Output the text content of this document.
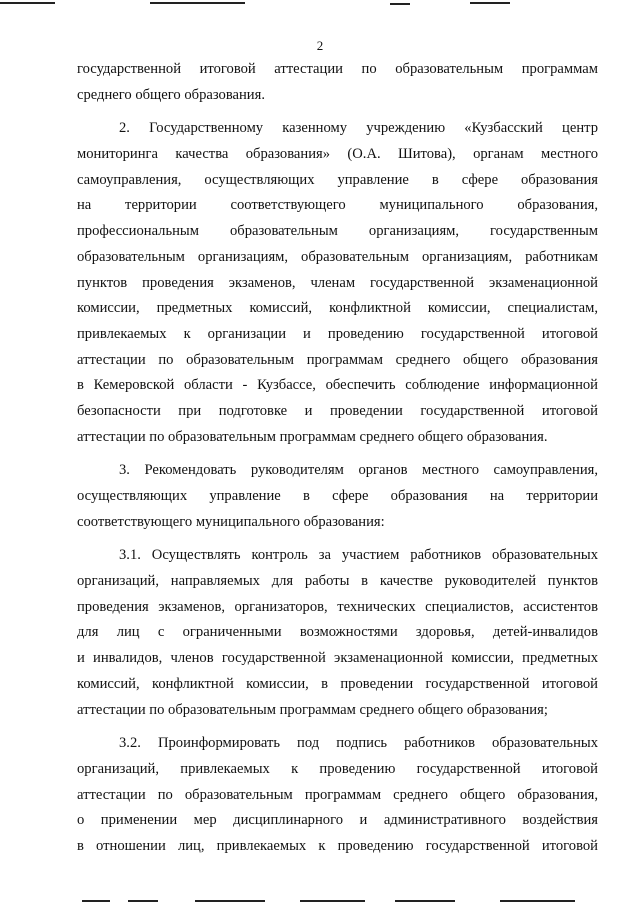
2
государственной итоговой аттестации по образовательным программам
среднего общего образования.
2. Государственному казенному учреждению «Кузбасский центр
мониторинга качества образования» (О.А. Шитова), органам местного
самоуправления, осуществляющих управление в сфере образования
на территории соответствующего муниципального образования,
профессиональным образовательным организациям, государственным
образовательным организациям, образовательным организациям, работникам
пунктов проведения экзаменов, членам государственной экзаменационной
комиссии, предметных комиссий, конфликтной комиссии, специалистам,
привлекаемых к организации и проведению государственной итоговой
аттестации по образовательным программам среднего общего образования
в Кемеровской области - Кузбассе, обеспечить соблюдение информационной
безопасности при подготовке и проведении государственной итоговой
аттестации по образовательным программам среднего общего образования.
3. Рекомендовать руководителям органов местного самоуправления,
осуществляющих управление в сфере образования на территории
соответствующего муниципального образования:
3.1. Осуществлять контроль за участием работников образовательных
организаций, направляемых для работы в качестве руководителей пунктов
проведения экзаменов, организаторов, технических специалистов, ассистентов
для лиц с ограниченными возможностями здоровья, детей-инвалидов
и инвалидов, членов государственной экзаменационной комиссии, предметных
комиссий, конфликтной комиссии, в проведении государственной итоговой
аттестации по образовательным программам среднего общего образования;
3.2. Проинформировать под подпись работников образовательных
организаций, привлекаемых к проведению государственной итоговой
аттестации по образовательным программам среднего общего образования,
о применении мер дисциплинарного и административного воздействия
в отношении лиц, привлекаемых к проведению государственной итоговой
